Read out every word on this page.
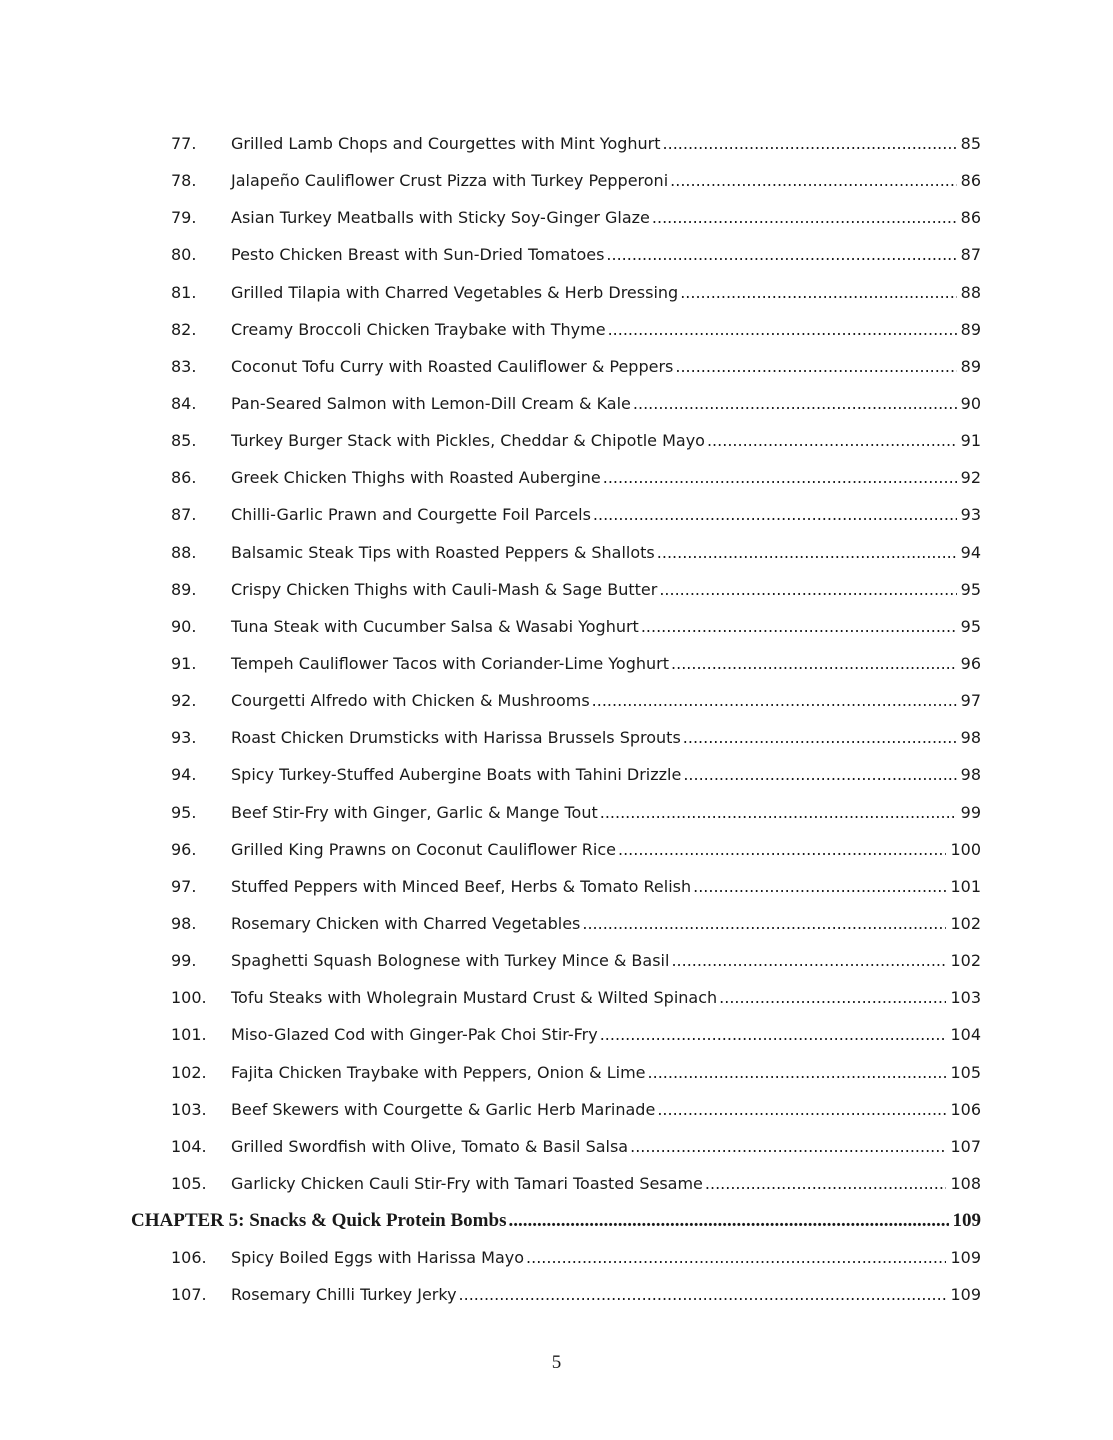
77.	Grilled Lamb Chops and Courgettes with Mint Yoghurt .....	85
78.	Jalapeño Cauliflower Crust Pizza with Turkey Pepperoni .....	86
79.	Asian Turkey Meatballs with Sticky Soy-Ginger Glaze .....	86
80.	Pesto Chicken Breast with Sun-Dried Tomatoes .....	87
81.	Grilled Tilapia with Charred Vegetables & Herb Dressing .....	88
82.	Creamy Broccoli Chicken Traybake with Thyme .....	89
83.	Coconut Tofu Curry with Roasted Cauliflower & Peppers .....	89
84.	Pan-Seared Salmon with Lemon-Dill Cream & Kale .....	90
85.	Turkey Burger Stack with Pickles, Cheddar & Chipotle Mayo .....	91
86.	Greek Chicken Thighs with Roasted Aubergine .....	92
87.	Chilli-Garlic Prawn and Courgette Foil Parcels .....	93
88.	Balsamic Steak Tips with Roasted Peppers & Shallots .....	94
89.	Crispy Chicken Thighs with Cauli-Mash & Sage Butter .....	95
90.	Tuna Steak with Cucumber Salsa & Wasabi Yoghurt .....	95
91.	Tempeh Cauliflower Tacos with Coriander-Lime Yoghurt .....	96
92.	Courgetti Alfredo with Chicken & Mushrooms .....	97
93.	Roast Chicken Drumsticks with Harissa Brussels Sprouts .....	98
94.	Spicy Turkey-Stuffed Aubergine Boats with Tahini Drizzle .....	98
95.	Beef Stir-Fry with Ginger, Garlic & Mange Tout .....	99
96.	Grilled King Prawns on Coconut Cauliflower Rice .....	100
97.	Stuffed Peppers with Minced Beef, Herbs & Tomato Relish .....	101
98.	Rosemary Chicken with Charred Vegetables .....	102
99.	Spaghetti Squash Bolognese with Turkey Mince & Basil .....	102
100.	Tofu Steaks with Wholegrain Mustard Crust & Wilted Spinach .....	103
101.	Miso-Glazed Cod with Ginger-Pak Choi Stir-Fry .....	104
102.	Fajita Chicken Traybake with Peppers, Onion & Lime .....	105
103.	Beef Skewers with Courgette & Garlic Herb Marinade .....	106
104.	Grilled Swordfish with Olive, Tomato & Basil Salsa .....	107
105.	Garlicky Chicken Cauli Stir-Fry with Tamari Toasted Sesame .....	108
CHAPTER 5: Snacks & Quick Protein Bombs .....	109
106.	Spicy Boiled Eggs with Harissa Mayo .....	109
107.	Rosemary Chilli Turkey Jerky .....	109
5
